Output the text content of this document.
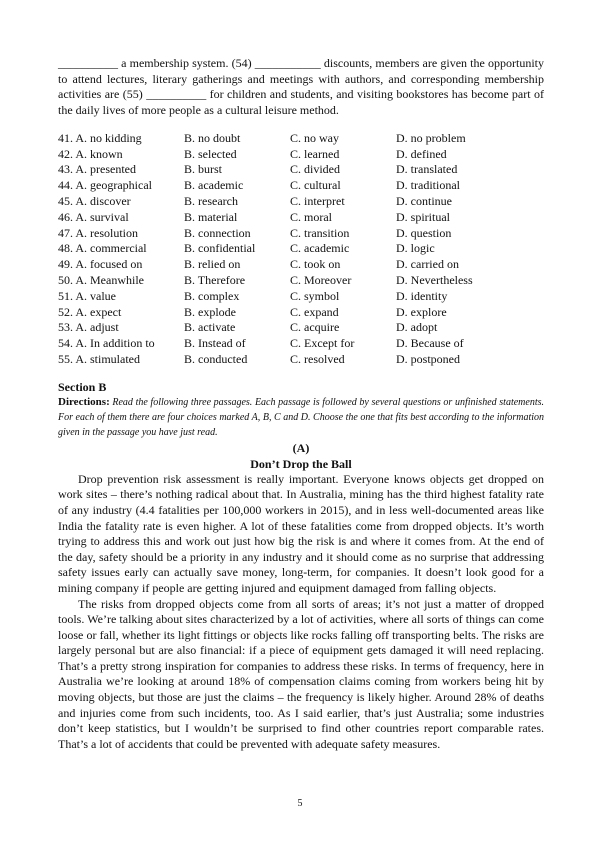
__________ a membership system. (54) ___________ discounts, members are given the opportunity to attend lectures, literary gatherings and meetings with authors, and corresponding membership activities are (55) __________ for children and students, and visiting bookstores has become part of the daily lives of more people as a cultural leisure method.

41. A. no kidding	B. no doubt	C. no way	D. no problem
42. A. known	B. selected	C. learned	D. defined
43. A. presented	B. burst	C. divided	D. translated
44. A. geographical	B. academic	C. cultural	D. traditional
45. A. discover	B. research	C. interpret	D. continue
46. A. survival	B. material	C. moral	D. spiritual
47. A. resolution	B. connection	C. transition	D. question
48. A. commercial	B. confidential	C. academic	D. logic
49. A. focused on	B. relied on	C. took on	D. carried on
50. A. Meanwhile	B. Therefore	C. Moreover	D. Nevertheless
51. A. value	B. complex	C. symbol	D. identity
52. A. expect	B. explode	C. expand	D. explore
53. A. adjust	B. activate	C. acquire	D. adopt
54. A. In addition to	B. Instead of	C. Except for	D. Because of
55. A. stimulated	B. conducted	C. resolved	D. postponed
Section B

Directions: Read the following three passages. Each passage is followed by several questions or unfinished statements. For each of them there are four choices marked A, B, C and D. Choose the one that fits best according to the information given in the passage you have just read.

(A)
Don’t Drop the Ball

Drop prevention risk assessment is really important. Everyone knows objects get dropped on work sites – there’s nothing radical about that. In Australia, mining has the third highest fatality rate of any industry (4.4 fatalities per 100,000 workers in 2015), and in less well-documented areas like India the fatality rate is even higher. A lot of these fatalities come from dropped objects. It’s worth trying to address this and work out just how big the risk is and where it comes from. At the end of the day, safety should be a priority in any industry and it should come as no surprise that addressing safety issues early can actually save money, long-term, for companies. It doesn’t look good for a mining company if people are getting injured and equipment damaged from falling objects.

The risks from dropped objects come from all sorts of areas; it’s not just a matter of dropped tools. We’re talking about sites characterized by a lot of activities, where all sorts of things can come loose or fall, whether its light fittings or objects like rocks falling off transporting belts. The risks are largely personal but are also financial: if a piece of equipment gets damaged it will need replacing. That’s a pretty strong inspiration for companies to address these risks. In terms of frequency, here in Australia we’re looking at around 18% of compensation claims coming from workers being hit by moving objects, but those are just the claims – the frequency is likely higher. Around 28% of deaths and injuries come from such incidents, too. As I said earlier, that’s just Australia; some industries don’t keep statistics, but I wouldn’t be surprised to find other countries report comparable rates. That’s a lot of accidents that could be prevented with adequate safety measures.

5
